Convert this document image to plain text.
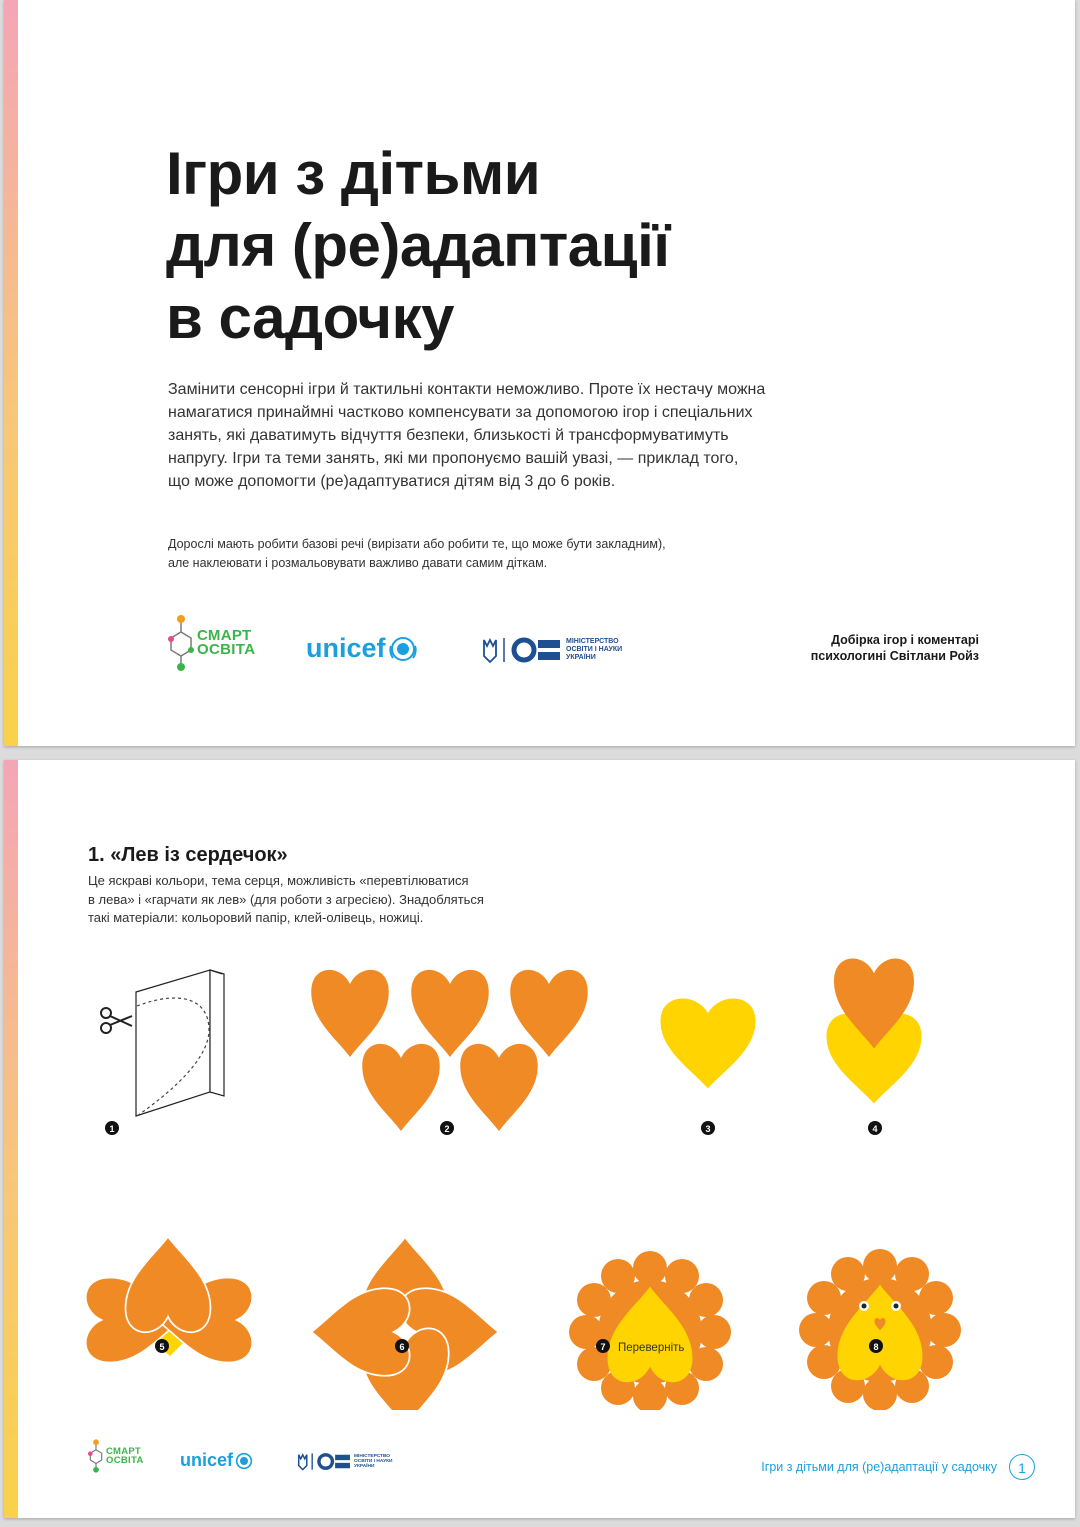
Ігри з дітьми
для (ре)адаптації
в садочку

Замінити сенсорні ігри й тактильні контакти неможливо. Проте їх нестачу можна
намагатися принаймні частково компенсувати за допомогою ігор і спеціальних
занять, які даватимуть відчуття безпеки, близькості й трансформуватимуть
напругу. Ігри та теми занять, які ми пропонуємо вашій увазі, — приклад того,
що може допомогти (ре)адаптуватися дітям від 3 до 6 років.

Дорослі мають робити базові речі (вирізати або робити те, що може бути закладним),
але наклеювати і розмальовувати важливо давати самим діткам.

СМАРТ
ОСВІТА unicef	МІНІСТЕРСТВО
ОСВІТИ І НАУКИ
УКРАЇНИ
Добірка ігор і коментарі
психологині Світлани Ройз
1. «Лев із сердечок»

Це яскраві кольори, тема серця, можливість «перевтілюватися
в лева» і «гарчати як лев» (для роботи з агресією). Знадобляться
такі матеріали: кольоровий папір, клей-олівець, ножиці.

1	2	3	4
5	6	7	8
Переверніть
СМАРТ
ОСВІТА unicef	МІНІСТЕРСТВО
ОСВІТИ І НАУКИ
УКРАЇНИ	Ігри з дітьми для (ре)адаптації у садочку	1
